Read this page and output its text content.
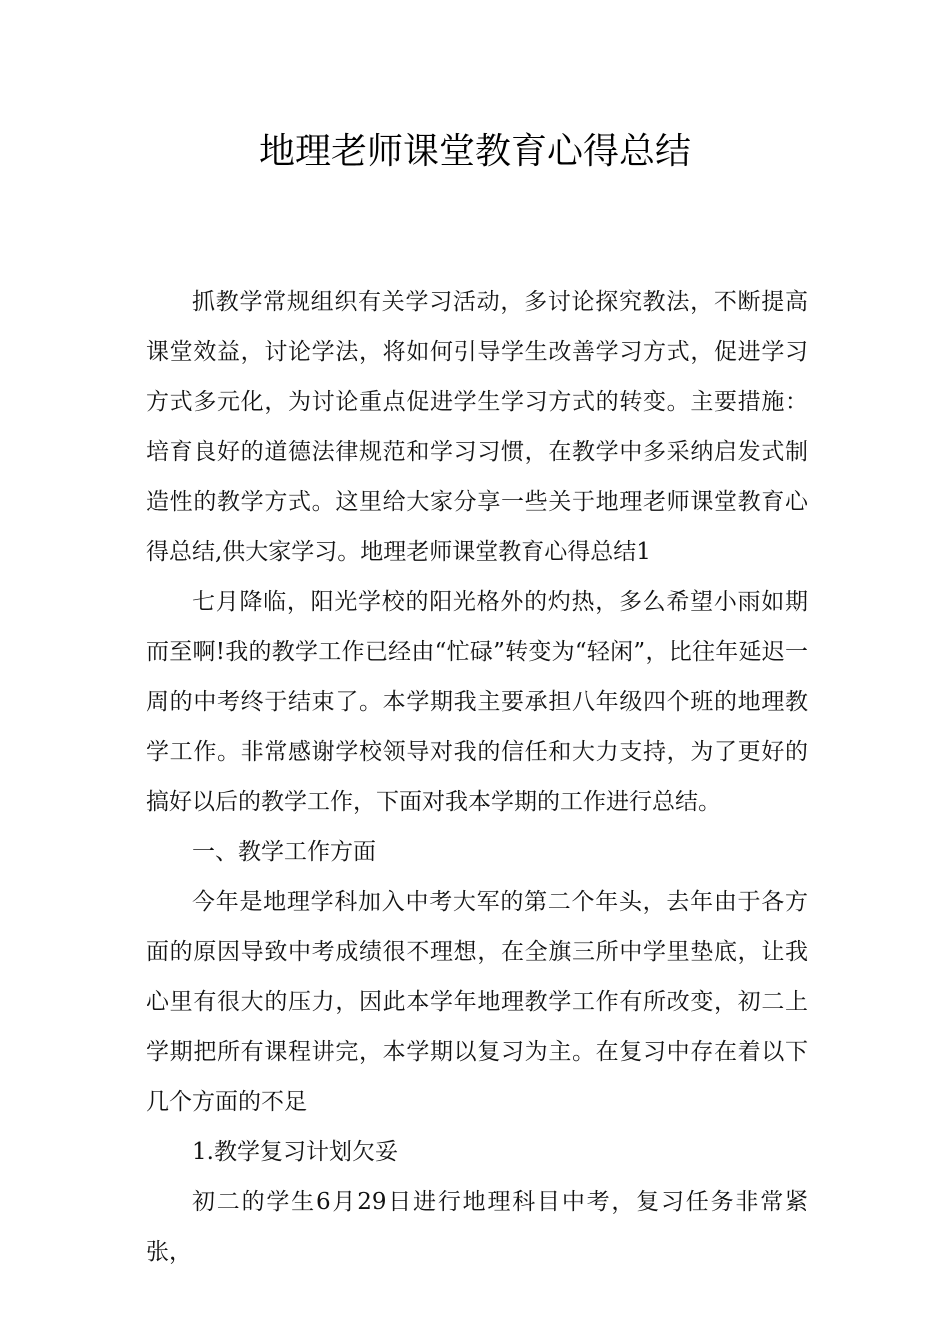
地理老师课堂教育心得总结

抓教学常规组织有关学习活动，多讨论探究教法，不断提高课堂效益，讨论学法，将如何引导学生改善学习方式，促进学习方式多元化，为讨论重点促进学生学习方式的转变。主要措施：培育良好的道德法律规范和学习习惯，在教学中多采纳启发式制造性的教学方式。这里给大家分享一些关于地理老师课堂教育心得总结,供大家学习。地理老师课堂教育心得总结1

七月降临，阳光学校的阳光格外的灼热，多么希望小雨如期而至啊!我的教学工作已经由“忙碌”转变为“轻闲”，比往年延迟一周的中考终于结束了。本学期我主要承担八年级四个班的地理教学工作。非常感谢学校领导对我的信任和大力支持，为了更好的搞好以后的教学工作，下面对我本学期的工作进行总结。

一、教学工作方面

今年是地理学科加入中考大军的第二个年头，去年由于各方面的原因导致中考成绩很不理想，在全旗三所中学里垫底，让我心里有很大的压力，因此本学年地理教学工作有所改变，初二上学期把所有课程讲完，本学期以复习为主。在复习中存在着以下几个方面的不足

1.教学复习计划欠妥

初二的学生6月29日进行地理科目中考，复习任务非常紧张，
